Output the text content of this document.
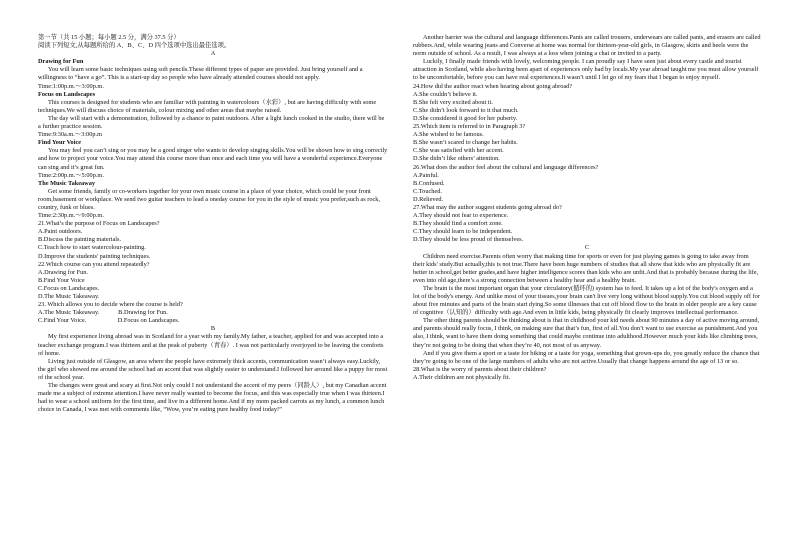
第一节（共 15 小题；每小题 2.5 分，满分 37.5 分）

阅读下列短文,从每题所给的 A、B、C、D 四个选项中选出最佳选项。

A

Drawing for Fun

You will learn some basic techniques using soft pencils.These different types of paper are provided. Just bring yourself and a willingness to “have a go”. This is a start-up day so people who have already attended courses should not apply.

Time:1:00p.m.～3:00p.m.

Focus on Landscapes

This courses is designed for students who are familiar with painting in watercolours（水彩）, but are having difficulty with some techniques.We will discuss choice of materials, colour mixing and other areas that maybe raised.

The day will start with a demonstration, followed by a chance to paint outdoors. After a light lunch cooked in the studio, there will be a further practice session.

Time:9:30a.m.～3:00p.m

Find Your Voice

You may feel you can’t sing or you may be a good singer who wants to develop singing skills.You will be shown how to sing correctly and how to project your voice.You may attend this course more than once and each time you will have a wonderful experience.Everyone can sing and it’s great fun.

Time:2:00p.m.～5:00p.m.

The Music Takeaway

Get some friends, family or co-workers together for your own music course in a place of your choice, which could be your front room,basement or workplace. We send two guitar teachers to lead a oneday course for you in the style of music you prefer,such as rock, country, funk or blues.

Time:2:30p.m.～9:00p.m.

21.What’s the purpose of Focus on Landscapes?

A.Paint outdoors.

B.Discuss the painting materials.

C.Teach how to start watercolour-painting.

D.Improve the students' painting techniques.

22.Which course can you attend repeatedly?

A.Drawing for Fun.

B.Find Your Voice

C.Focus on Landscapes.

D.The Music Takeaway.

23. Which allows you to decide where the course is held?

A.The Music Takeaway.            B.Drawing for Fun.

C.Find Your Voice.                    D.Focus on Landscapes.

B

My first experience living abroad was in Scotland for a year with my family.My father, a teacher, applied for and was accepted into a teacher exchange program.I was thirteen and at the peak of puberty（青春）. I was not particularly overjoyed to be leaving the comforts of home.

Living just outside of Glasgow, an area where the people have extremely thick accents, communication wasn’t always easy.Luckily, the girl who showed me around the school had an accent that was slightly easier to understand.I followed her around like a puppy for most of the school year.

The changes were great and scary at first.Not only could I not understand the accent of my peers（同龄人）, but my Canadian accent made me a subject of extreme attention.I have never really wanted to become the focus, and this was especially true when I was thirteen.I had to wear a school uniform for the first time, and live in a different home.And if my mom packed carrots as my lunch, a common lunch choice in Canada, I was met with comments like, “Wow, you’re eating pure healthy food today!”

Another barrier was the cultural and language differences.Pants are called trousers, underwears are called pants, and erasers are called rubbers.And, while wearing jeans and Converse at home was normal for thirteen-year-old girls, in Glasgow, skirts and heels were the norm outside of school. As a result, I was always at a loss when joining a chat or invited to a party.

Luckily, I finally made friends with lovely, welcoming people. I can proudly say I have seen just about every castle and tourist attraction in Scotland, while also having been apart of experiences only had by locals.My year abroad taught me you must allow yourself to be uncomfortable, before you can have real experiences.It wasn’t until I let go of my fears that I began to enjoy myself.

24.How did the author react when hearing about going abroad?

A.She couldn’t believe it.

B.She felt very excited about it.

C.She didn’t look forward to it that much.

D.She considered it good for her puberty.

25.Which item is referred to in Paragraph 3?

A.She wished to be famous.

B.She wasn’t scared to change her habits.

C.She was satisfied with her accent.

D.She didn’t like others’ attention.

26.What does the author feel about the cultural and language differences?

A.Painful.

B.Confused.

C.Touched.

D.Relieved.

27.What may the author suggest students going abroad do?

A.They should not fear to experience.

B.They should find a comfort zone.

C.They should learn to be independent.

D.They should be less proud of themselves.

C

Children need exercise.Parents often worry that making time for sports or even for just playing games is going to take away from their kids' study.But actually,this is not true.There have been huge numbers of studies that all show that kids who are physically fit are better in school,get better grades,and have higher intelligence scores than kids who are unfit.And that is probably because during the life, even into old age,there’s a strong connection between a healthy hear and a healthy brain.

The brain is the most important organ that your circulatory(循环的) system has to feed. It takes up a lot of the body's oxygen and a lot of the body's energy. And unlike most of your tissues,your brain can't live very long without blood supply.You cut blood supply off for about five minutes and parts of the brain start dying.So some illnesses that cut off blood flow to the brain in older people are a key cause of cognitive（认知的）difficulty with age.And even in little kids, being physically fit clearly improves intellectual performance.

The other thing parents should be thinking about is that in childhood your kid needs about 90 minutes a day of active moving around, and parents should really focus, I think, on making sure that that’s fun, first of all.You don’t want to use exercise as punishment.And you also, I think, want to have them doing something that could maybe continue into adulthood.However much your kids like climbing trees, they’re not going to be doing that when they’re 40, not most of us anyway.

And if you give them a sport or a taste for biking or a taste for yoga, something that grown-ups do, you greatly reduce the chance that they’re going to be one of the large numbers of adults who are not active.Usually that change happens around the age of 13 or so.

28.What is the worry of parents about their children?

A.Their children are not physically fit.
